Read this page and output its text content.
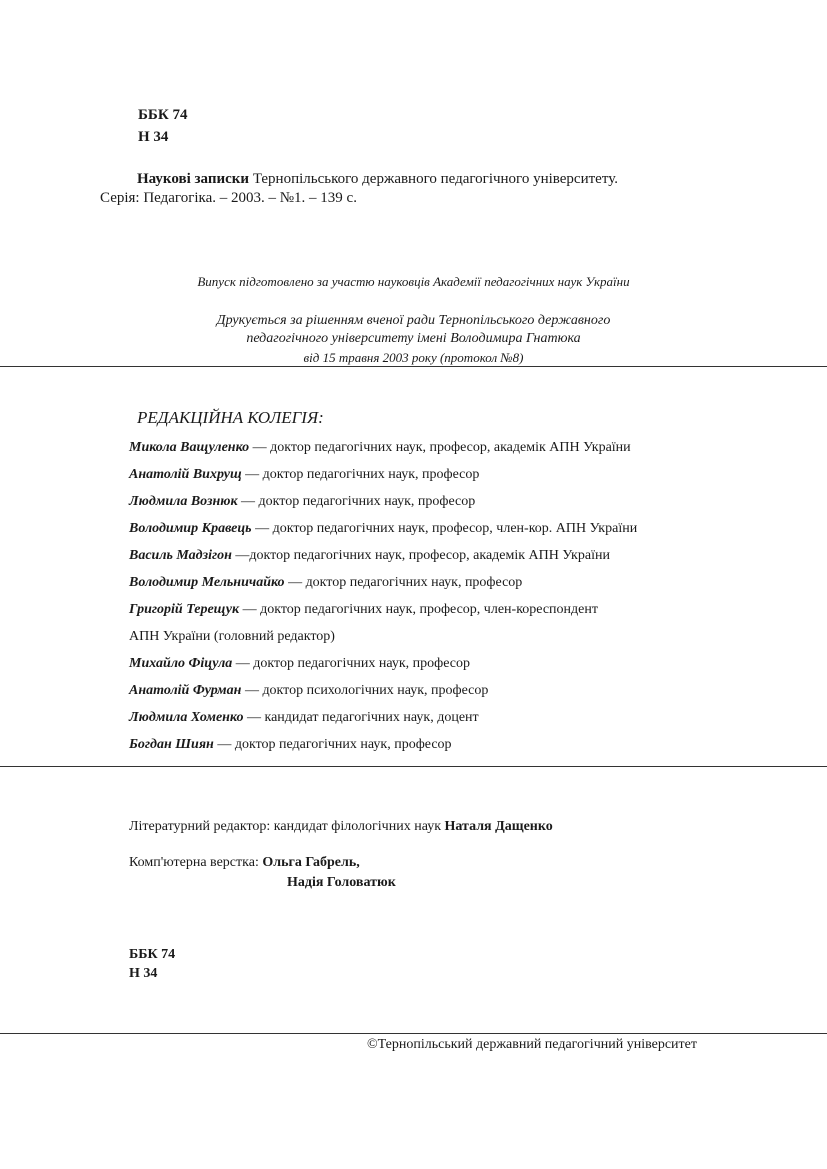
ББК 74
Н 34
Наукові записки Тернопільського державного педагогічного університету.
Серія: Педагогіка. – 2003. – №1. – 139 с.
Випуск підготовлено за участю науковців Академії педагогічних наук України
Друкується за рішенням вченої ради Тернопільського державного
педагогічного університету імені Володимира Гнатюка
від 15 травня 2003 року (протокол №8)
РЕДАКЦІЙНА КОЛЕГІЯ:
Микола Ващуленко — доктор педагогічних наук, професор, академік АПН України
Анатолій Вихрущ — доктор педагогічних наук, професор
Людмила Вознюк — доктор педагогічних наук, професор
Володимир Кравець — доктор педагогічних наук, професор, член-кор. АПН України
Василь Мадзігон —доктор педагогічних наук, професор, академік АПН України
Володимир Мельничайко — доктор педагогічних наук, професор
Григорій Терещук — доктор педагогічних наук, професор, член-кореспондент
АПН України (головний редактор)
Михайло Фіцула — доктор педагогічних наук, професор
Анатолій Фурман — доктор психологічних наук, професор
Людмила Хоменко — кандидат педагогічних наук, доцент
Богдан Шиян — доктор педагогічних наук, професор
Літературний редактор: кандидат філологічних наук Наталя Дащенко
Комп'ютерна верстка: Ольга Габрель,
Надія Головатюк
ББК 74
Н 34
©Тернопільський державний педагогічний університет
